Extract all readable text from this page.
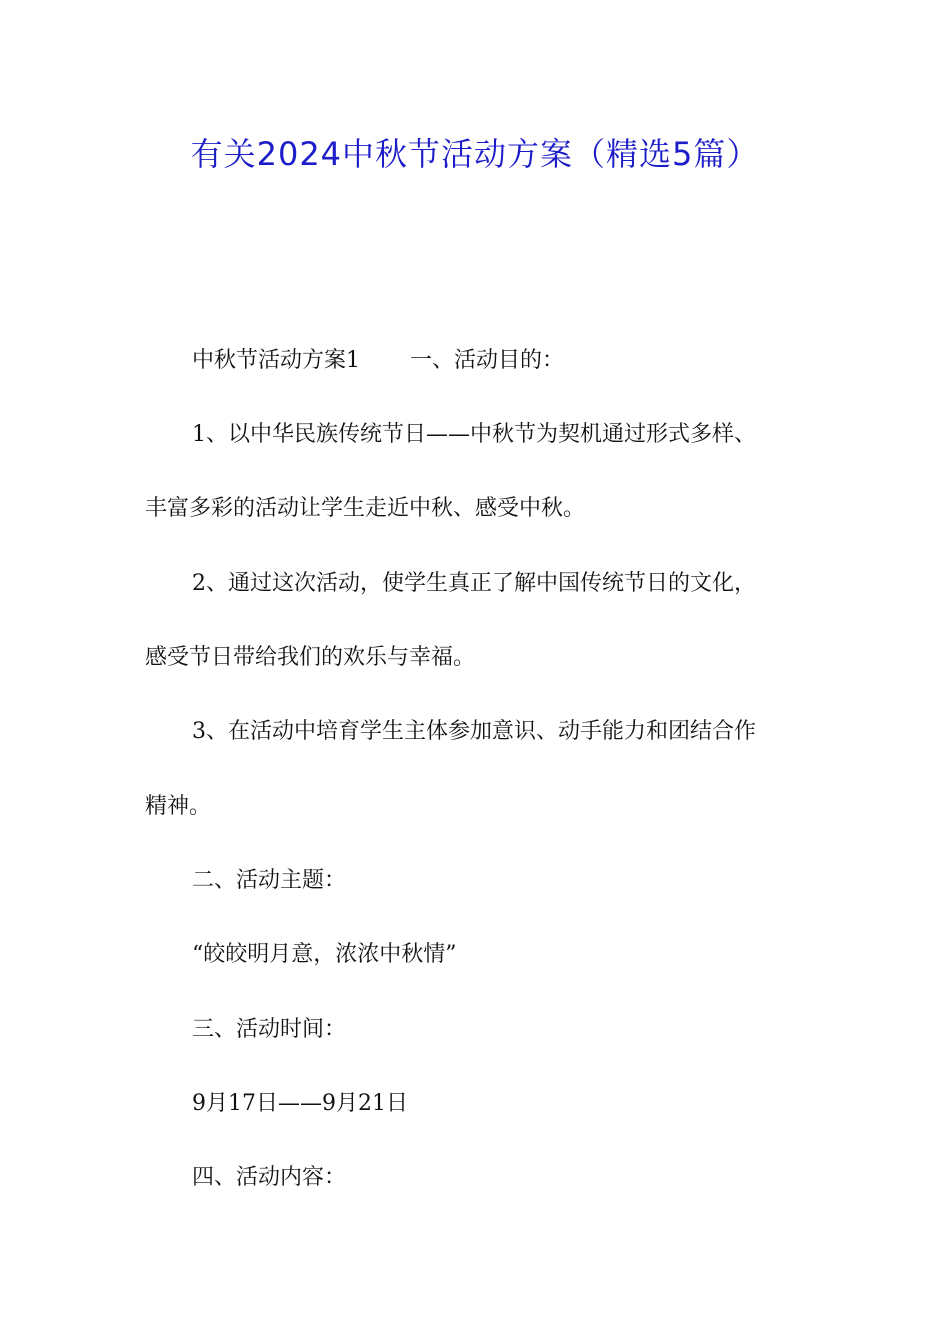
有关2024中秋节活动方案（精选5篇）
中秋节活动方案1 一、活动目的：
1、以中华民族传统节日——中秋节为契机通过形式多样、
丰富多彩的活动让学生走近中秋、感受中秋。
2、通过这次活动，使学生真正了解中国传统节日的文化，
感受节日带给我们的欢乐与幸福。
3、在活动中培育学生主体参加意识、动手能力和团结合作
精神。
二、活动主题：
“皎皎明月意，浓浓中秋情”
三、活动时间：
9月17日——9月21日
四、活动内容：
